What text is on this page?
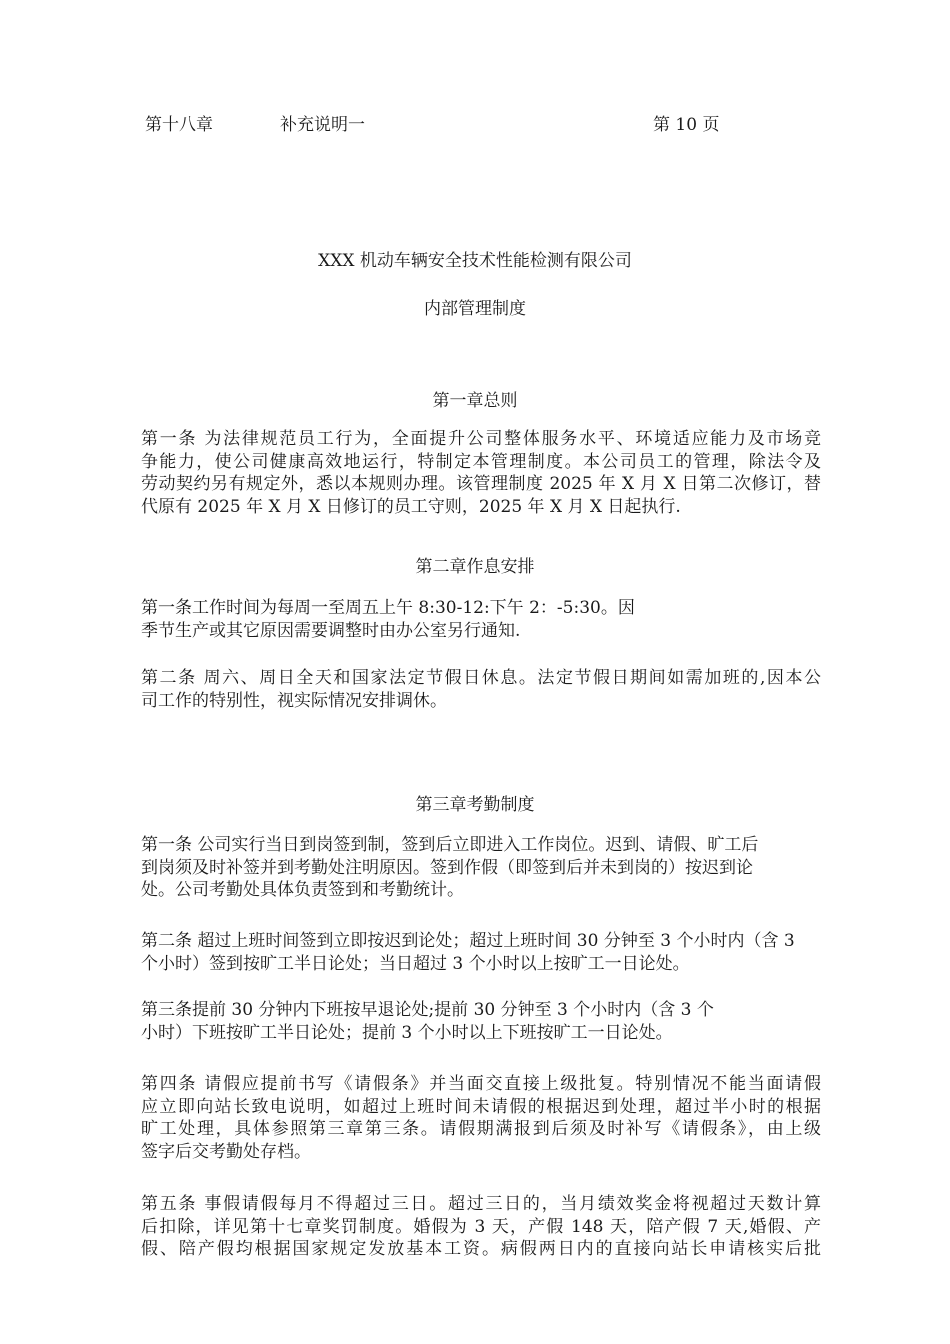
第十八章	补充说明一	第 10 页
XXX 机动车辆安全技术性能检测有限公司
内部管理制度
第一章总则
第一条 为法律规范员工行为，全面提升公司整体服务水平、环境适应能力及市场竞
争能力，使公司健康高效地运行，特制定本管理制度。本公司员工的管理，除法令及
劳动契约另有规定外，悉以本规则办理。该管理制度 2025 年 X 月 X 日第二次修订，替
代原有 2025 年 X 月 X 日修订的员工守则，2025 年 X 月 X 日起执行.
第二章作息安排
第一条工作时间为每周一至周五上午 8:30-12:下午 2：-5:30。因
季节生产或其它原因需要调整时由办公室另行通知.
第二条 周六、周日全天和国家法定节假日休息。法定节假日期间如需加班的,因本公
司工作的特别性，视实际情况安排调休。
第三章考勤制度
第一条 公司实行当日到岗签到制，签到后立即进入工作岗位。迟到、请假、旷工后
到岗须及时补签并到考勤处注明原因。签到作假（即签到后并未到岗的）按迟到论
处。公司考勤处具体负责签到和考勤统计。
第二条 超过上班时间签到立即按迟到论处；超过上班时间 30 分钟至 3 个小时内（含 3
个小时）签到按旷工半日论处；当日超过 3 个小时以上按旷工一日论处。
第三条提前 30 分钟内下班按早退论处;提前 30 分钟至 3 个小时内（含 3 个
小时）下班按旷工半日论处；提前 3 个小时以上下班按旷工一日论处。
第四条 请假应提前书写《请假条》并当面交直接上级批复。特别情况不能当面请假
应立即向站长致电说明，如超过上班时间未请假的根据迟到处理，超过半小时的根据
旷工处理，具体参照第三章第三条。请假期满报到后须及时补写《请假条》，由上级
签字后交考勤处存档。
第五条 事假请假每月不得超过三日。超过三日的，当月绩效奖金将视超过天数计算
后扣除，详见第十七章奖罚制度。婚假为 3 天，产假 148 天，陪产假 7 天,婚假、产
假、陪产假均根据国家规定发放基本工资。病假两日内的直接向站长申请核实后批
